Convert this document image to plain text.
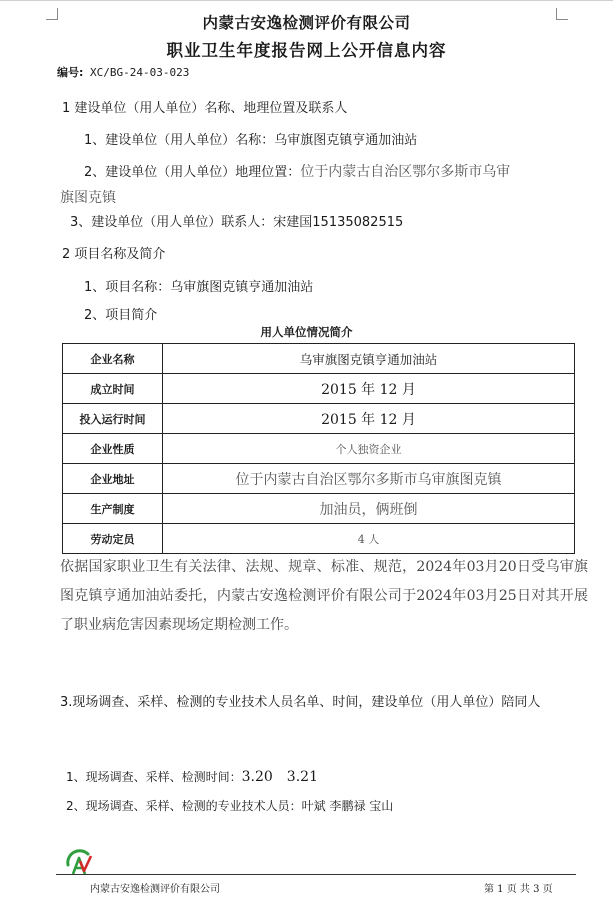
内蒙古安逸检测评价有限公司
职业卫生年度报告网上公开信息内容
编号: XC/BG-24-03-023
1 建设单位（用人单位）名称、地理位置及联系人
1、建设单位（用人单位）名称：乌审旗图克镇亨通加油站
2、建设单位（用人单位）地理位置：位于内蒙古自治区鄂尔多斯市乌审
旗图克镇
3、建设单位（用人单位）联系人：宋建国15135082515
2 项目名称及简介
1、项目名称：乌审旗图克镇亨通加油站
2、项目简介
用人单位情况简介
企业名称	乌审旗图克镇亨通加油站
成立时间	2015 年 12 月
投入运行时间	2015 年 12 月
企业性质	个人独资企业
企业地址	位于内蒙古自治区鄂尔多斯市乌审旗图克镇
生产制度	加油员，俩班倒
劳动定员	4 人
依据国家职业卫生有关法律、法规、规章、标准、规范，2024年03月20日受乌审旗图克镇亨通加油站委托，内蒙古安逸检测评价有限公司于2024年03月25日对其开展了职业病危害因素现场定期检测工作。
3.现场调查、采样、检测的专业技术人员名单、时间，建设单位（用人单位）陪同人
1、现场调查、采样、检测时间：3.20　3.21
2、现场调查、采样、检测的专业技术人员：叶斌 李鹏禄 宝山
内蒙古安逸检测评价有限公司	第 1 页 共 3 页
